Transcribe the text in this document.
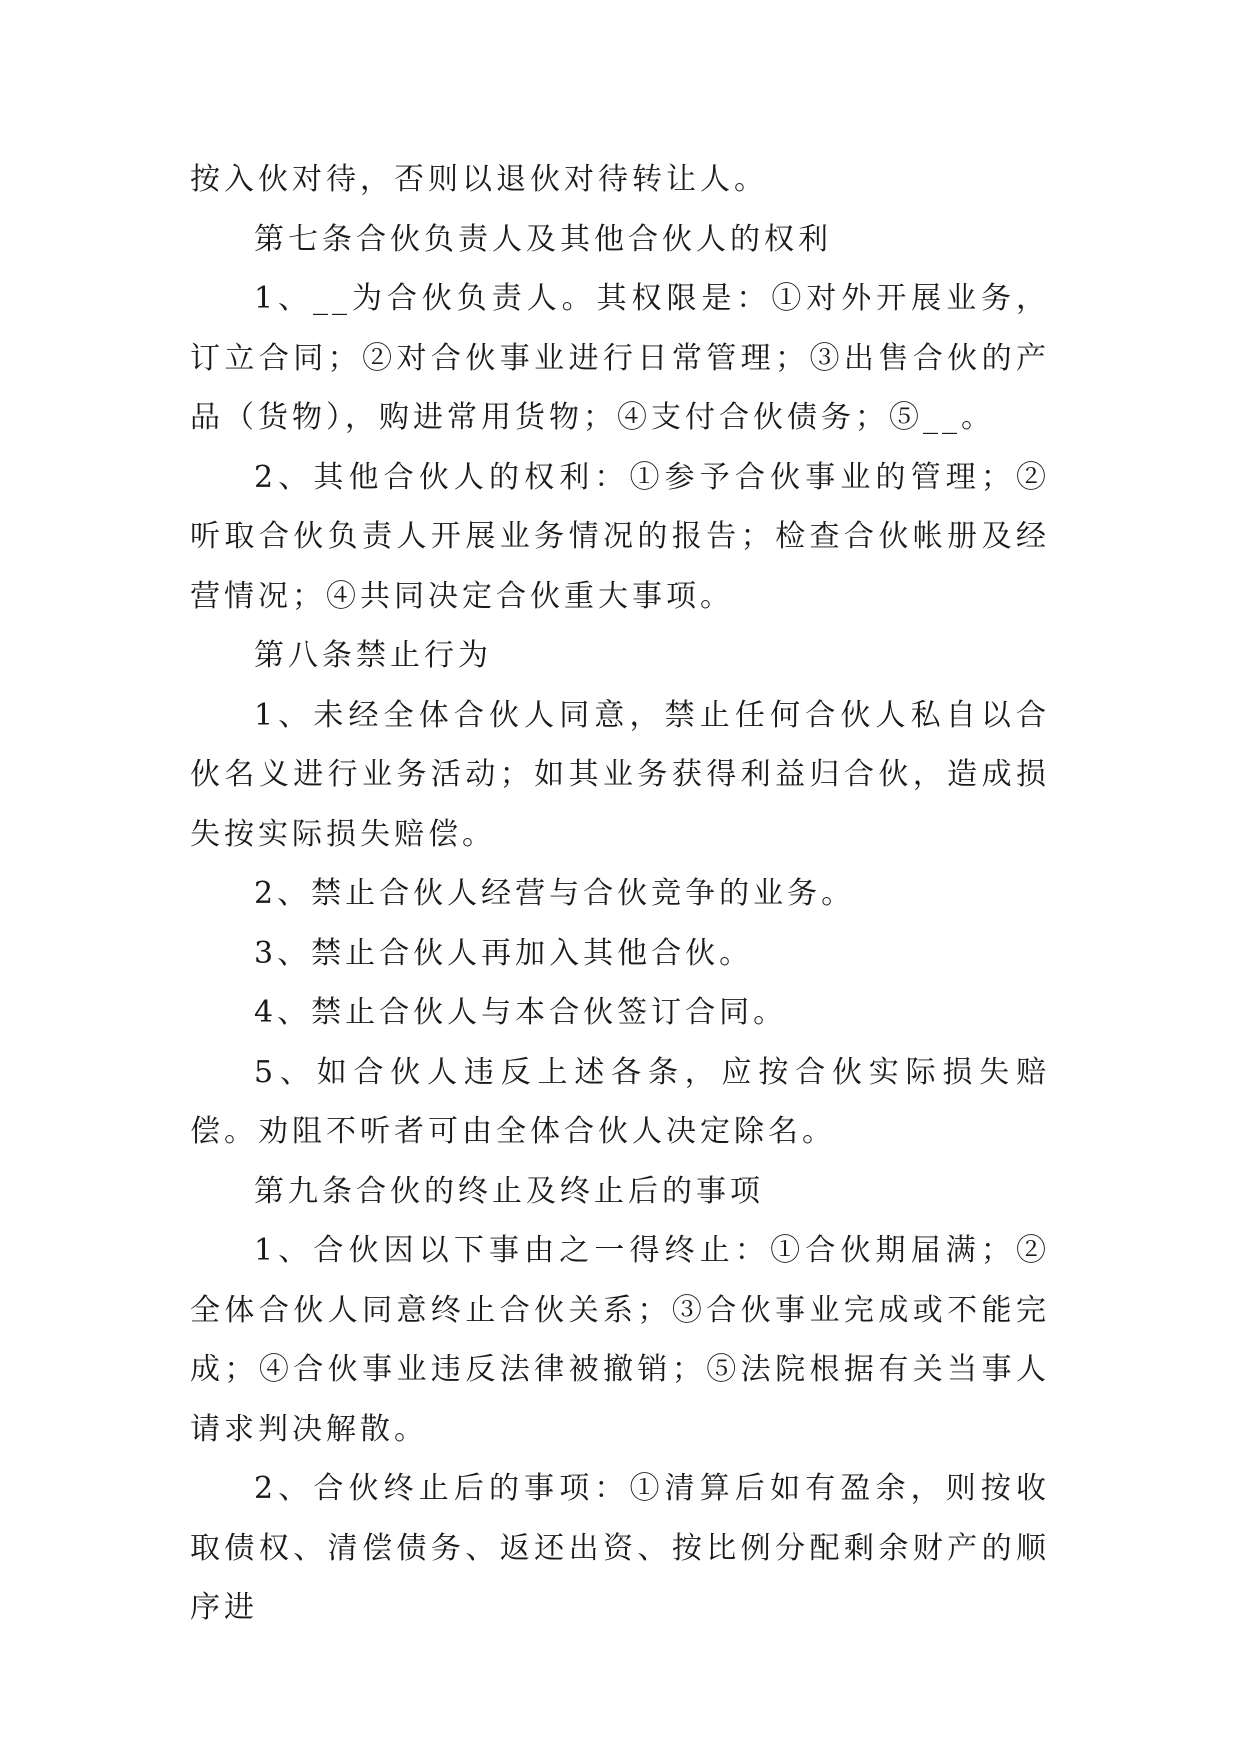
按入伙对待，否则以退伙对待转让人。

第七条合伙负责人及其他合伙人的权利

1、__为合伙负责人。其权限是：①对外开展业务，订立合同；②对合伙事业进行日常管理；③出售合伙的产品（货物），购进常用货物；④支付合伙债务；⑤__。

2、其他合伙人的权利：①参予合伙事业的管理；②听取合伙负责人开展业务情况的报告；检查合伙帐册及经营情况；④共同决定合伙重大事项。

第八条禁止行为

1、未经全体合伙人同意，禁止任何合伙人私自以合伙名义进行业务活动；如其业务获得利益归合伙，造成损失按实际损失赔偿。

2、禁止合伙人经营与合伙竞争的业务。

3、禁止合伙人再加入其他合伙。

4、禁止合伙人与本合伙签订合同。

5、如合伙人违反上述各条，应按合伙实际损失赔偿。劝阻不听者可由全体合伙人决定除名。

第九条合伙的终止及终止后的事项

1、合伙因以下事由之一得终止：①合伙期届满；②全体合伙人同意终止合伙关系；③合伙事业完成或不能完成；④合伙事业违反法律被撤销；⑤法院根据有关当事人请求判决解散。

2、合伙终止后的事项：①清算后如有盈余，则按收取债权、清偿债务、返还出资、按比例分配剩余财产的顺序进
